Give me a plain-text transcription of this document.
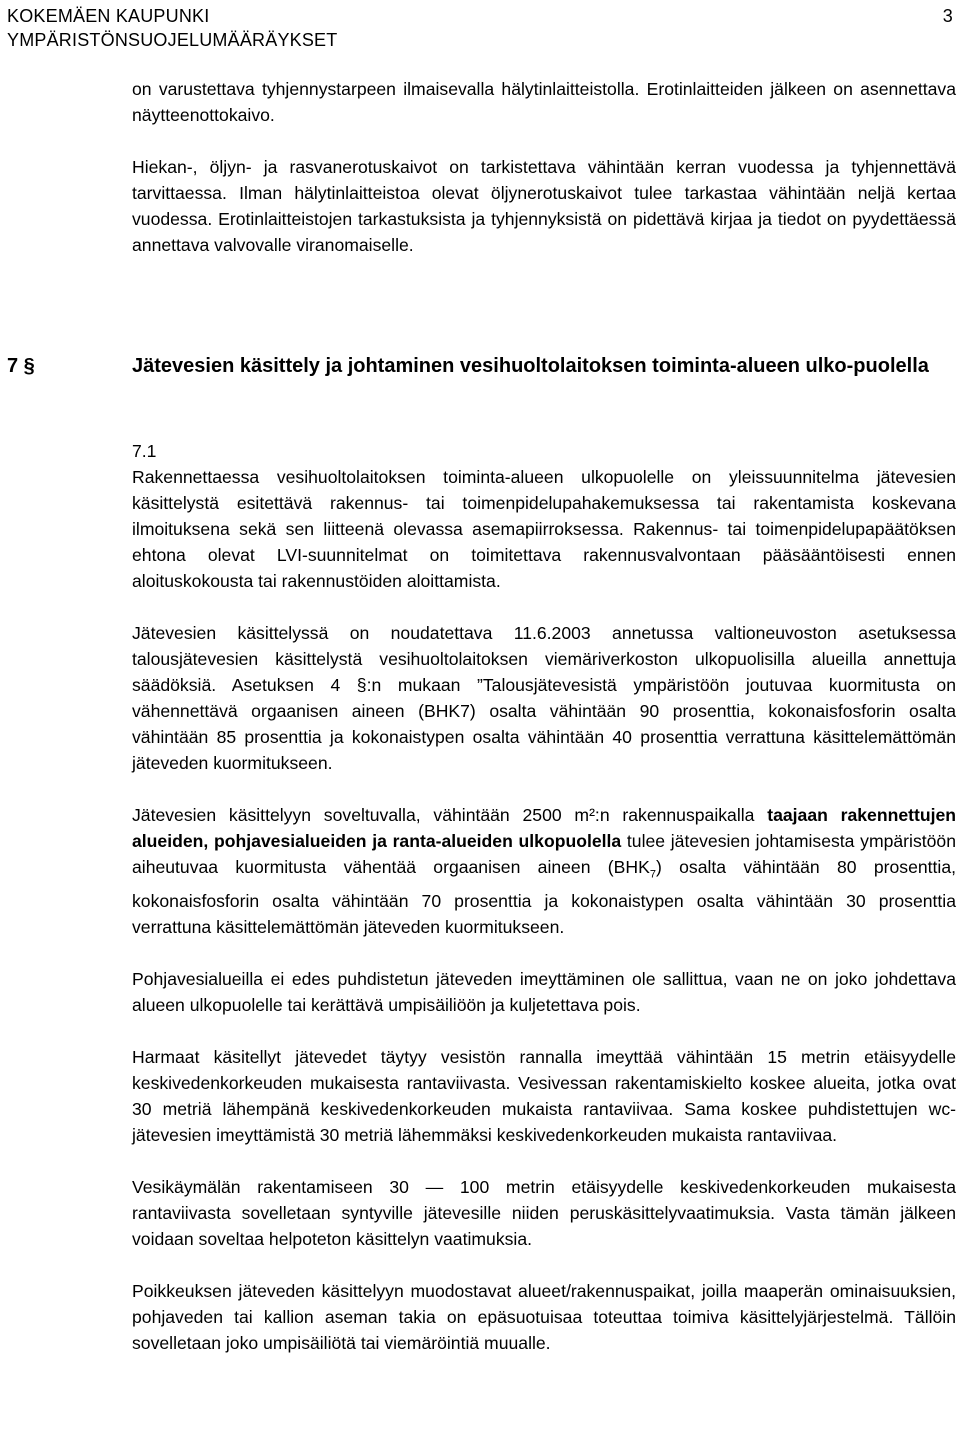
KOKEMÄEN KAUPUNKI
YMPÄRISTÖNSUOJELUMÄÄRÄYKSET
3

on varustettava tyhjennystarpeen ilmaisevalla hälytinlaitteistolla. Erotinlaitteiden jälkeen on asennettava näytteenottokaivo.

Hiekan-, öljyn- ja rasvanerotuskaivot on tarkistettava vähintään kerran vuodessa ja tyhjennettävä tarvittaessa. Ilman hälytinlaitteistoa olevat öljynerotuskaivot tulee tarkastaa vähintään neljä kertaa vuodessa. Erotinlaitteistojen tarkastuksista ja tyhjennyksistä on pidettävä kirjaa ja tiedot on pyydettäessä annettava valvovalle viranomaiselle.

7 §	Jätevesien käsittely ja johtaminen vesihuoltolaitoksen toiminta-alueen ulko-puolella

7.1

Rakennettaessa vesihuoltolaitoksen toiminta-alueen ulkopuolelle on yleissuunnitelma jätevesien käsittelystä esitettävä rakennus- tai toimenpidelupahakemuksessa tai rakentamista koskevana ilmoituksena sekä sen liitteenä olevassa asemapiirroksessa. Rakennus- tai toimenpidelupapäätöksen ehtona olevat LVI-suunnitelmat on toimitettava rakennusvalvontaan pääsääntöisesti ennen aloituskokousta tai rakennustöiden aloittamista.

Jätevesien käsittelyssä on noudatettava 11.6.2003 annetussa valtioneuvoston asetuksessa talousjätevesien käsittelystä vesihuoltolaitoksen viemäriverkoston ulkopuolisilla alueilla annettuja säädöksiä. Asetuksen 4 §:n mukaan ”Talousjätevesistä ympäristöön joutuvaa kuormitusta on vähennettävä orgaanisen aineen (BHK7) osalta vähintään 90 prosenttia, kokonaisfosforin osalta vähintään 85 prosenttia ja kokonaistypen osalta vähintään 40 prosenttia verrattuna käsittelemättömän jäteveden kuormitukseen.

Jätevesien käsittelyyn soveltuvalla, vähintään 2500 m²:n rakennuspaikalla taajaan rakennettujen alueiden, pohjavesialueiden ja ranta-alueiden ulkopuolella tulee jätevesien johtamisesta ympäristöön aiheutuvaa kuormitusta vähentää orgaanisen aineen $(BHK_7)$ osalta vähintään 80 prosenttia, kokonaisfosforin osalta vähintään 70 prosenttia ja kokonaistypen osalta vähintään 30 prosenttia verrattuna käsittelemättömän jäteveden kuormitukseen.

Pohjavesialueilla ei edes puhdistetun jäteveden imeyttäminen ole sallittua, vaan ne on joko johdettava alueen ulkopuolelle tai kerättävä umpisäiliöön ja kuljetettava pois.

Harmaat käsitellyt jätevedet täytyy vesistön rannalla imeyttää vähintään 15 metrin etäisyydelle keskivedenkorkeuden mukaisesta rantaviivasta. Vesivessan rakentamiskielto koskee alueita, jotka ovat 30 metriä lähempänä keskivedenkorkeuden mukaista rantaviivaa. Sama koskee puhdistettujen wc-jätevesien imeyttämistä 30 metriä lähemmäksi keskivedenkorkeuden mukaista rantaviivaa.

Vesikäymälän rakentamiseen 30 — 100 metrin etäisyydelle keskivedenkorkeuden mukaisesta rantaviivasta sovelletaan syntyville jätevesille niiden peruskäsittelyvaatimuksia. Vasta tämän jälkeen voidaan soveltaa helpoteton käsittelyn vaatimuksia.

Poikkeuksen jäteveden käsittelyyn muodostavat alueet/rakennuspaikat, joilla maaperän ominaisuuksien, pohjaveden tai kallion aseman takia on epäsuotuisaa toteuttaa toimiva käsittelyjärjestelmä. Tällöin sovelletaan joko umpisäiliötä tai viemäröintiä muualle.
